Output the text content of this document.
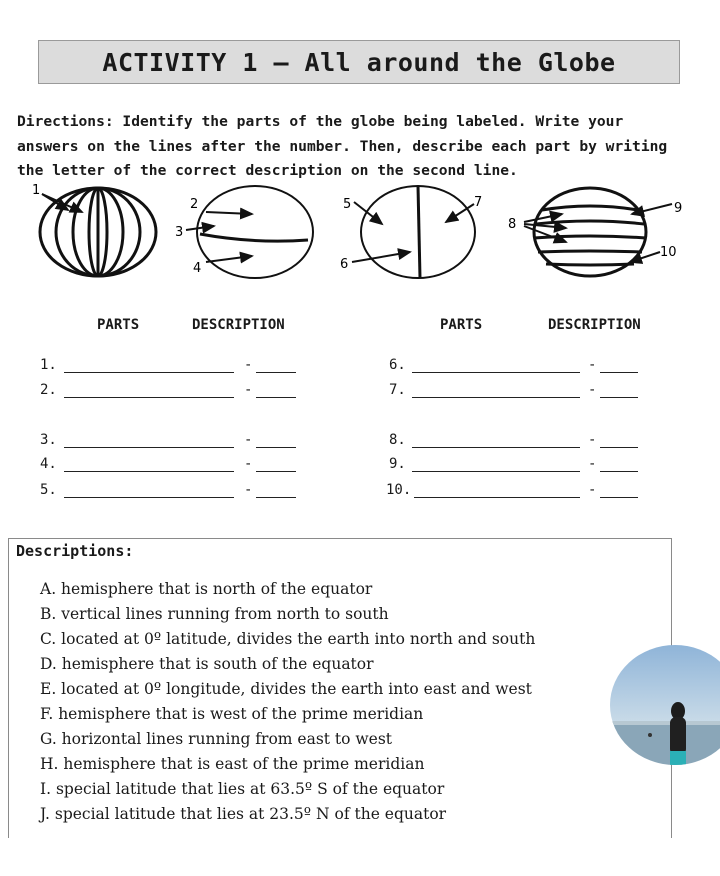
ACTIVITY 1 – All around the Globe
Directions: Identify the parts of the globe being labeled. Write your answers on the lines after the number. Then, describe each part by writing the letter of the correct description on the second line.
1
2
3
4
5	7
6
8
9
10
PARTS	DESCRIPTION	PARTS	DESCRIPTION
1.	-
2.	-
3.	-
4.	-
5.	-
6.	-
7.	-
8.	-
9.	-
10.	-
Descriptions:
A. hemisphere that is north of the equator
B. vertical lines running from north to south
C. located at 0º latitude, divides the earth into north and south
D. hemisphere that is south of the equator
E. located at 0º longitude, divides the earth into east and west
F. hemisphere that is west of the prime meridian
G. horizontal lines running from east to west
H. hemisphere that is east of the prime meridian
I. special latitude that lies at 63.5º S of the equator
J. special latitude that lies at 23.5º N of the equator
